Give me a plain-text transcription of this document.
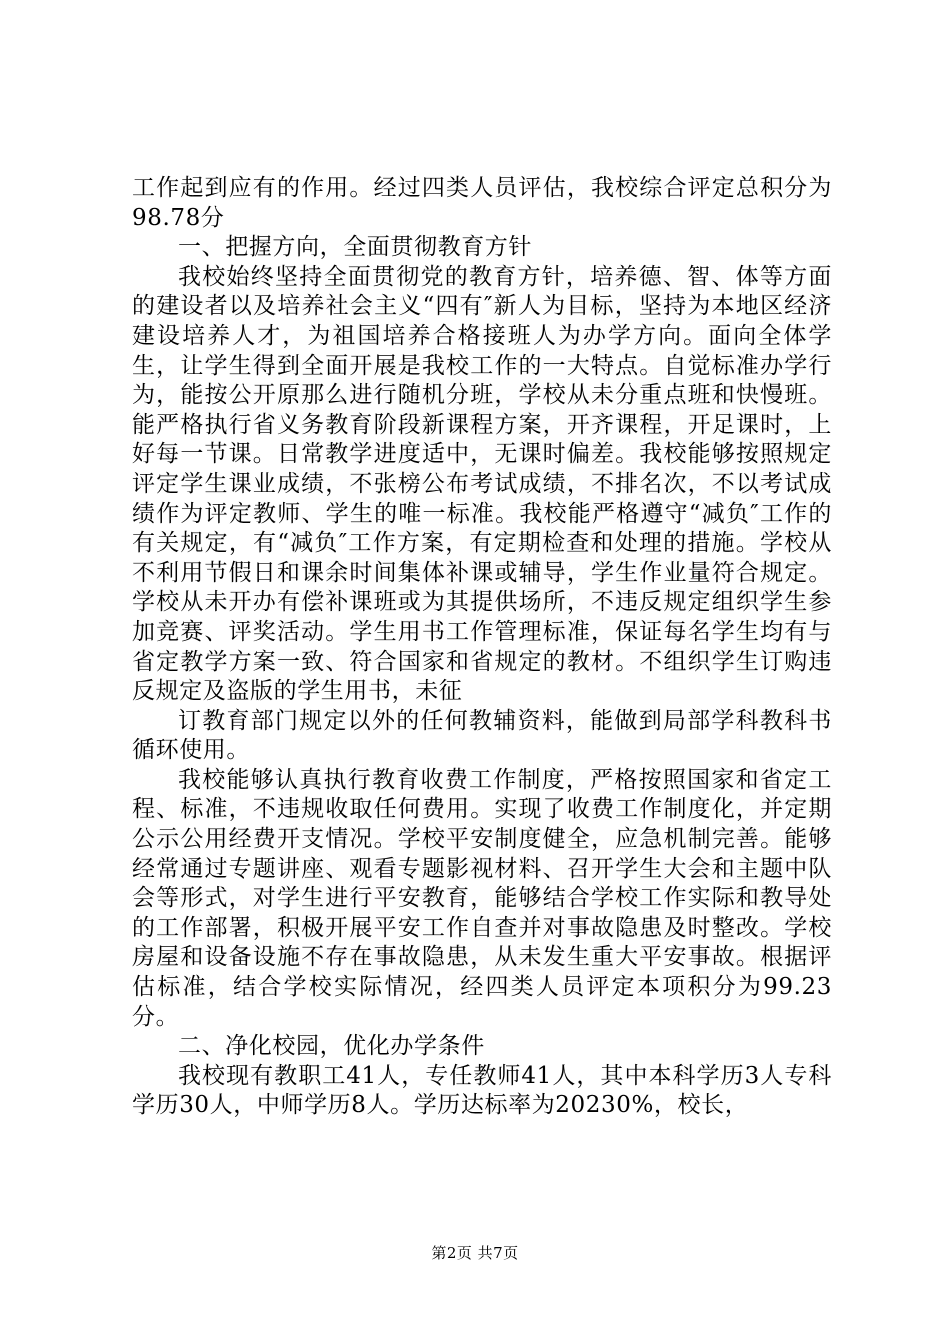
工作起到应有的作用。经过四类人员评估，我校综合评定总积分为98.78分

一、把握方向，全面贯彻教育方针

我校始终坚持全面贯彻党的教育方针，培养德、智、体等方面的建设者以及培养社会主义“四有″新人为目标，坚持为本地区经济建设培养人才，为祖国培养合格接班人为办学方向。面向全体学生，让学生得到全面开展是我校工作的一大特点。自觉标准办学行为，能按公开原那么进行随机分班，学校从未分重点班和快慢班。能严格执行省义务教育阶段新课程方案，开齐课程，开足课时，上好每一节课。日常教学进度适中，无课时偏差。我校能够按照规定评定学生课业成绩，不张榜公布考试成绩，不排名次，不以考试成绩作为评定教师、学生的唯一标准。我校能严格遵守“减负″工作的有关规定，有“减负″工作方案，有定期检查和处理的措施。学校从不利用节假日和课余时间集体补课或辅导，学生作业量符合规定。学校从未开办有偿补课班或为其提供场所，不违反规定组织学生参加竞赛、评奖活动。学生用书工作管理标准，保证每名学生均有与省定教学方案一致、符合国家和省规定的教材。不组织学生订购违反规定及盗版的学生用书，未征

订教育部门规定以外的任何教辅资料，能做到局部学科教科书循环使用。

我校能够认真执行教育收费工作制度，严格按照国家和省定工程、标准，不违规收取任何费用。实现了收费工作制度化，并定期公示公用经费开支情况。学校平安制度健全，应急机制完善。能够经常通过专题讲座、观看专题影视材料、召开学生大会和主题中队会等形式，对学生进行平安教育，能够结合学校工作实际和教导处的工作部署，积极开展平安工作自查并对事故隐患及时整改。学校房屋和设备设施不存在事故隐患，从未发生重大平安事故。根据评估标准，结合学校实际情况，经四类人员评定本项积分为99.23分。

二、净化校园，优化办学条件

我校现有教职工41人，专任教师41人，其中本科学历3人专科学历30人，中师学历8人。学历达标率为20230%，校长，

第2页 共7页
